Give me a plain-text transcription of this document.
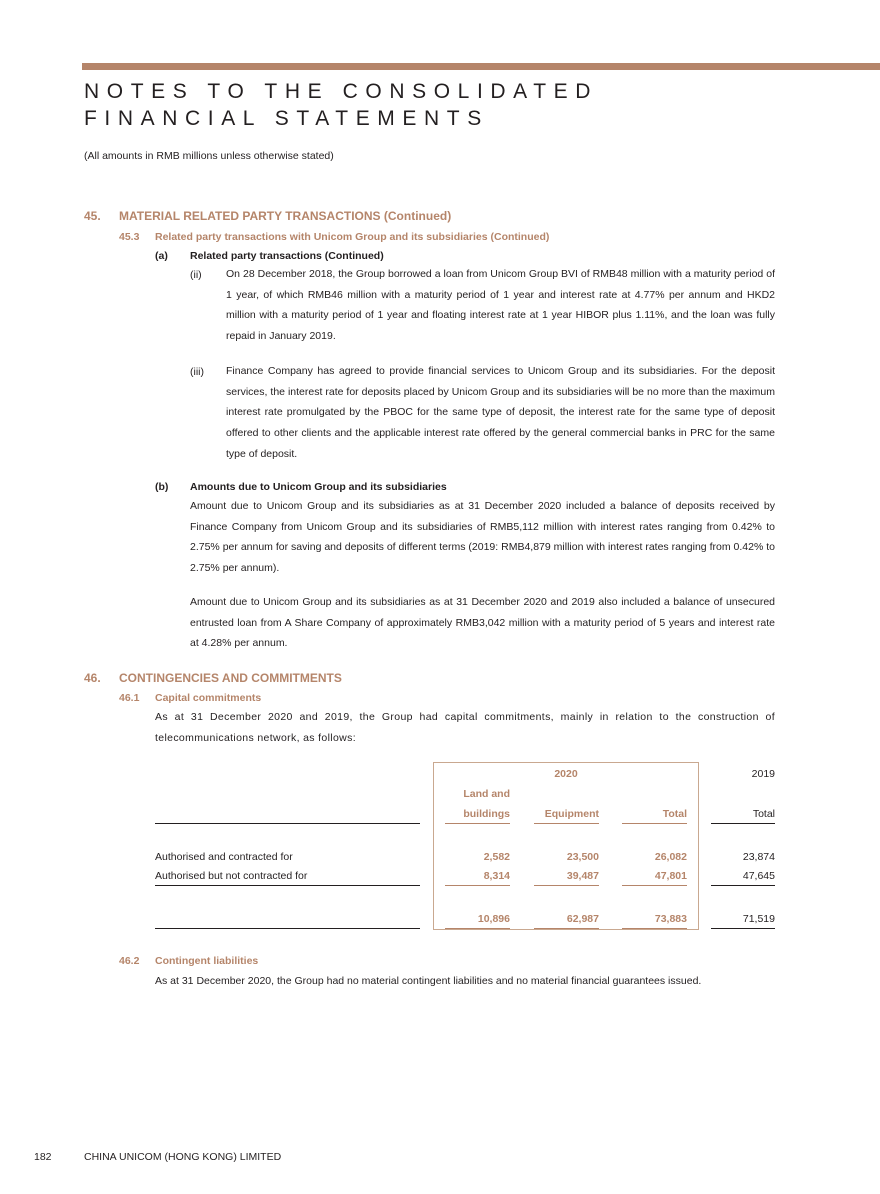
NOTES TO THE CONSOLIDATED
FINANCIAL STATEMENTS
(All amounts in RMB millions unless otherwise stated)
45. MATERIAL RELATED PARTY TRANSACTIONS (Continued)
45.3 Related party transactions with Unicom Group and its subsidiaries (Continued)
(a) Related party transactions (Continued)
(ii) On 28 December 2018, the Group borrowed a loan from Unicom Group BVI of RMB48 million with a maturity period of 1 year, of which RMB46 million with a maturity period of 1 year and interest rate at 4.77% per annum and HKD2 million with a maturity period of 1 year and floating interest rate at 1 year HIBOR plus 1.11%, and the loan was fully repaid in January 2019.
(iii) Finance Company has agreed to provide financial services to Unicom Group and its subsidiaries. For the deposit services, the interest rate for deposits placed by Unicom Group and its subsidiaries will be no more than the maximum interest rate promulgated by the PBOC for the same type of deposit, the interest rate for the same type of deposit offered to other clients and the applicable interest rate offered by the general commercial banks in PRC for the same type of deposit.
(b) Amounts due to Unicom Group and its subsidiaries
Amount due to Unicom Group and its subsidiaries as at 31 December 2020 included a balance of deposits received by Finance Company from Unicom Group and its subsidiaries of RMB5,112 million with interest rates ranging from 0.42% to 2.75% per annum for saving and deposits of different terms (2019: RMB4,879 million with interest rates ranging from 0.42% to 2.75% per annum).
Amount due to Unicom Group and its subsidiaries as at 31 December 2020 and 2019 also included a balance of unsecured entrusted loan from A Share Company of approximately RMB3,042 million with a maturity period of 5 years and interest rate at 4.28% per annum.
46. CONTINGENCIES AND COMMITMENTS
46.1 Capital commitments
As at 31 December 2020 and 2019, the Group had capital commitments, mainly in relation to the construction of telecommunications network, as follows:
2020	2019
Land and
buildings	Equipment	Total	Total
Authorised and contracted for	2,582	23,500	26,082	23,874
Authorised but not contracted for	8,314	39,487	47,801	47,645
10,896	62,987	73,883	71,519
46.2 Contingent liabilities
As at 31 December 2020, the Group had no material contingent liabilities and no material financial guarantees issued.
182	CHINA UNICOM (HONG KONG) LIMITED
